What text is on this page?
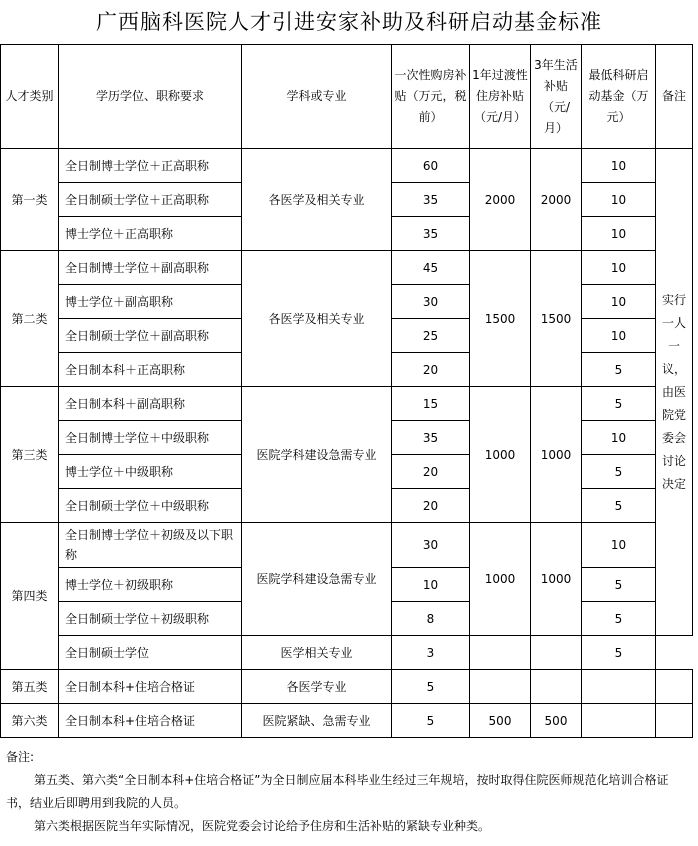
广西脑科医院人才引进安家补助及科研启动基金标准
人才类别	学历学位、职称要求	学科或专业	一次性购房补贴（万元，税前）	1年过渡性住房补贴（元/月）	3年生活补贴（元/月）	最低科研启动基金（万元）	备注
第一类	全日制博士学位＋正高职称	各医学及相关专业	60	2000	2000	10	实行一人一议，由医院党委会讨论决定
	全日制硕士学位＋正高职称		35			10	
	博士学位＋正高职称		35			10	
第二类	全日制博士学位＋副高职称	各医学及相关专业	45	1500	1500	10	
	博士学位＋副高职称		30			10	
	全日制硕士学位＋副高职称		25			10	
	全日制本科＋正高职称		20			5	
第三类	全日制本科＋副高职称	医院学科建设急需专业	15	1000	1000	5	
	全日制博士学位＋中级职称		35			10	
	博士学位＋中级职称		20			5	
	全日制硕士学位＋中级职称		20			5	
第四类	全日制博士学位＋初级及以下职称	医院学科建设急需专业	30	1000	1000	10	
	博士学位＋初级职称		10			5	
	全日制硕士学位＋初级职称		8			5	
	全日制硕士学位	医学相关专业	3			5	
第五类	全日制本科+住培合格证	各医学专业	5				
第六类	全日制本科+住培合格证	医院紧缺、急需专业	5	500	500		

备注:

第五类、第六类“全日制本科+住培合格证”为全日制应届本科毕业生经过三年规培，按时取得住院医师规范化培训合格证书，结业后即聘用到我院的人员。

第六类根据医院当年实际情况，医院党委会讨论给予住房和生活补贴的紧缺专业种类。
